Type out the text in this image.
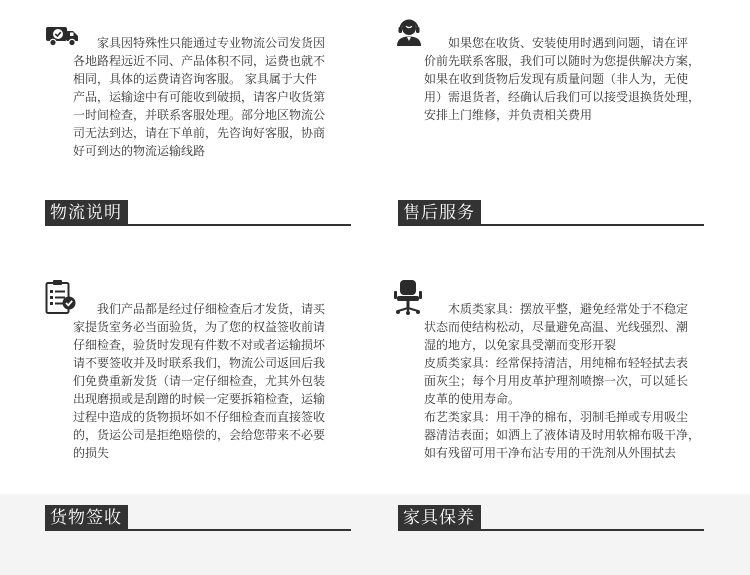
　　家具因特殊性只能通过专业物流公司发货因

各地路程远近不同、产品体积不同，运费也就不

相同，具体的运费请咨询客服。 家具属于大件

产品，运输途中有可能收到破损，请客户收货第

一时间检查，并联系客服处理。部分地区物流公

司无法到达，请在下单前，先咨询好客服，协商

好可到达的物流运输线路

物流说明

　　如果您在收货、安装使用时遇到问题，请在评

价前先联系客服，我们可以随时为您提供解决方案，

如果在收到货物后发现有质量问题（非人为，无使

用）需退货者，经确认后我们可以接受退换货处理，

安排上门维修，并负责相关费用

售后服务

　　我们产品都是经过仔细检查后才发货，请买

家提货室务必当面验货，为了您的权益签收前请

仔细检查，验货时发现有件数不对或者运输损坏

请不要签收并及时联系我们，物流公司返回后我

们免费重新发货（请一定仔细检查，尤其外包装

出现磨损或是刮蹭的时候一定要拆箱检查，运输

过程中造成的货物损坏如不仔细检查而直接签收

的，货运公司是拒绝赔偿的，会给您带来不必要

的损失

货物签收

　　木质类家具：摆放平整，避免经常处于不稳定

状态而使结构松动，尽量避免高温、光线强烈、潮

湿的地方，以免家具受潮而变形开裂

皮质类家具：经常保持清洁，用纯棉布轻轻拭去表

面灰尘；每个月用皮革护理剂喷擦一次，可以延长

皮革的使用寿命。

布艺类家具：用干净的棉布，羽制毛掸或专用吸尘

器清洁表面；如洒上了液体请及时用软棉布吸干净，

如有残留可用干净布沾专用的干洗剂从外围拭去

家具保养
